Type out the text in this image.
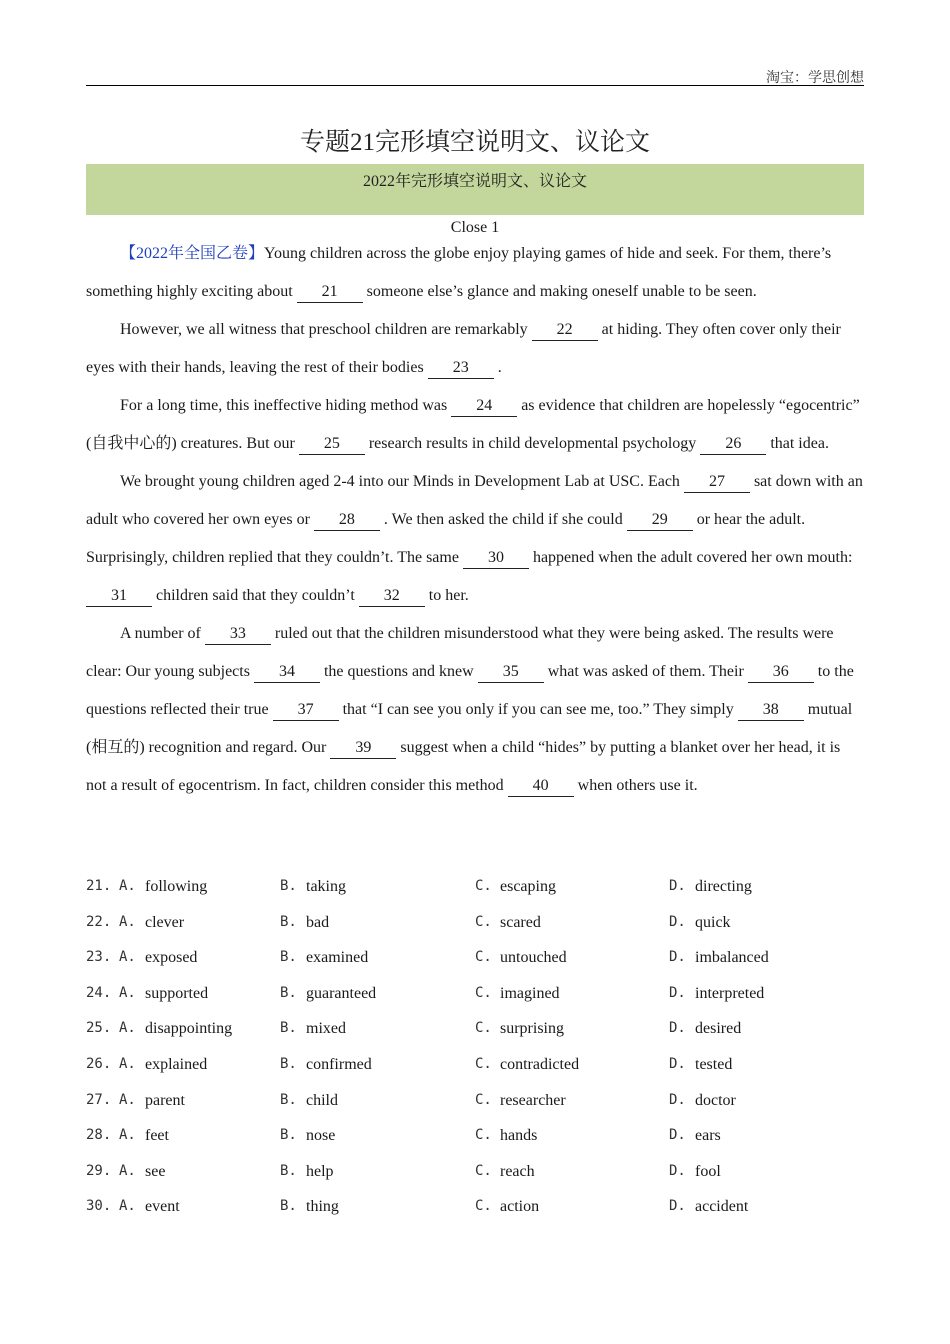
淘宝：学思创想
专题21完形填空说明文、议论文
2022年完形填空说明文、议论文
Close 1

【2022年全国乙卷】Young children across the globe enjoy playing games of hide and seek. For them, there’s something highly exciting about 21 someone else’s glance and making oneself unable to be seen.

However, we all witness that preschool children are remarkably 22 at hiding. They often cover only their eyes with their hands, leaving the rest of their bodies 23 .

For a long time, this ineffective hiding method was 24 as evidence that children are hopelessly “egocentric” (自我中心的) creatures. But our 25 research results in child developmental psychology 26 that idea.

We brought young children aged 2-4 into our Minds in Development Lab at USC. Each 27 sat down with an adult who covered her own eyes or 28 . We then asked the child if she could 29 or hear the adult. Surprisingly, children replied that they couldn’t. The same 30 happened when the adult covered her own mouth: 31 children said that they couldn’t 32 to her.

A number of 33 ruled out that the children misunderstood what they were being asked. The results were clear: Our young subjects 34 the questions and knew 35 what was asked of them. Their 36 to the questions reflected their true 37 that “I can see you only if you can see me, too.” They simply 38 mutual (相互的) recognition and regard. Our 39 suggest when a child “hides” by putting a blanket over her head, it is not a result of egocentrism. In fact, children consider this method 40 when others use it.

21. A. following	B. taking	C. escaping	D. directing
22. A. clever	B. bad	C. scared	D. quick
23. A. exposed	B. examined	C. untouched	D. imbalanced
24. A. supported	B. guaranteed	C. imagined	D. interpreted
25. A. disappointing	B. mixed	C. surprising	D. desired
26. A. explained	B. confirmed	C. contradicted	D. tested
27. A. parent	B. child	C. researcher	D. doctor
28. A. feet	B. nose	C. hands	D. ears
29. A. see	B. help	C. reach	D. fool
30. A. event	B. thing	C. action	D. accident
